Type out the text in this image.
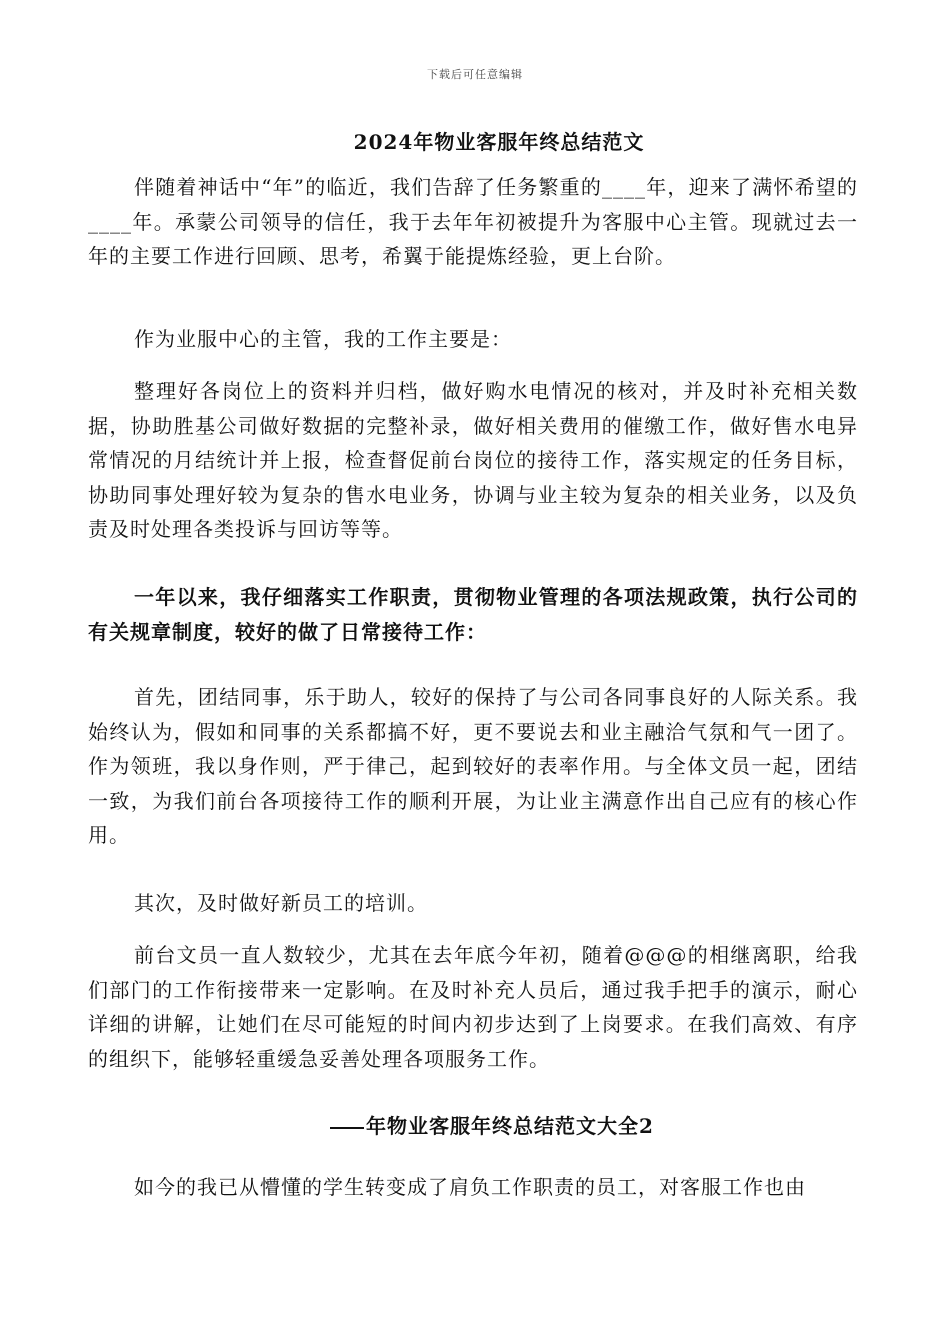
下载后可任意编辑
2024年物业客服年终总结范文

伴随着神话中“年”的临近，我们告辞了任务繁重的____年，迎来了满怀希望的____年。承蒙公司领导的信任，我于去年年初被提升为客服中心主管。现就过去一年的主要工作进行回顾、思考，希翼于能提炼经验，更上台阶。

作为业服中心的主管，我的工作主要是：

整理好各岗位上的资料并归档，做好购水电情况的核对，并及时补充相关数据，协助胜基公司做好数据的完整补录，做好相关费用的催缴工作，做好售水电异常情况的月结统计并上报，检查督促前台岗位的接待工作，落实规定的任务目标，协助同事处理好较为复杂的售水电业务，协调与业主较为复杂的相关业务，以及负责及时处理各类投诉与回访等等。

一年以来，我仔细落实工作职责，贯彻物业管理的各项法规政策，执行公司的有关规章制度，较好的做了日常接待工作：

首先，团结同事，乐于助人，较好的保持了与公司各同事良好的人际关系。我始终认为，假如和同事的关系都搞不好，更不要说去和业主融洽气氛和气一团了。作为领班，我以身作则，严于律己，起到较好的表率作用。与全体文员一起，团结一致，为我们前台各项接待工作的顺利开展，为让业主满意作出自己应有的核心作用。

其次，及时做好新员工的培训。

前台文员一直人数较少，尤其在去年底今年初，随着@@@的相继离职，给我们部门的工作衔接带来一定影响。在及时补充人员后，通过我手把手的演示，耐心详细的讲解，让她们在尽可能短的时间内初步达到了上岗要求。在我们高效、有序的组织下，能够轻重缓急妥善处理各项服务工作。

年物业客服年终总结范文大全2

如今的我已从懵懂的学生转变成了肩负工作职责的员工，对客服工作也由
